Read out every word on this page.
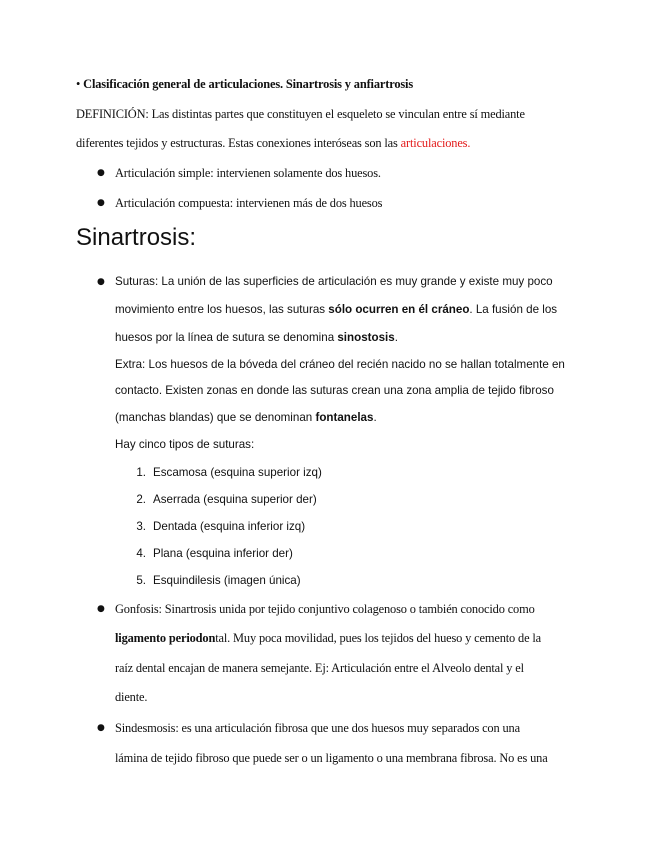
• Clasificación general de articulaciones. Sinartrosis y anfiartrosis
DEFINICIÓN: Las distintas partes que constituyen el esqueleto se vinculan entre sí mediante
diferentes tejidos y estructuras. Estas conexiones interóseas son las articulaciones.
● Articulación simple: intervienen solamente dos huesos.
● Articulación compuesta: intervienen más de dos huesos
Sinartrosis:
● Suturas: La unión de las superficies de articulación es muy grande y existe muy poco
movimiento entre los huesos, las suturas sólo ocurren en él cráneo. La fusión de los
huesos por la línea de sutura se denomina sinostosis.
Extra: Los huesos de la bóveda del cráneo del recién nacido no se hallan totalmente en
contacto. Existen zonas en donde las suturas crean una zona amplia de tejido fibroso
(manchas blandas) que se denominan fontanelas.
Hay cinco tipos de suturas:
1. Escamosa (esquina superior izq)
2. Aserrada (esquina superior der)
3. Dentada (esquina inferior izq)
4. Plana (esquina inferior der)
5. Esquindilesis (imagen única)
● Gonfosis: Sinartrosis unida por tejido conjuntivo colagenoso o también conocido como
ligamento periodontal. Muy poca movilidad, pues los tejidos del hueso y cemento de la
raíz dental encajan de manera semejante. Ej: Articulación entre el Alveolo dental y el
diente.
● Sindesmosis: es una articulación fibrosa que une dos huesos muy separados con una
lámina de tejido fibroso que puede ser o un ligamento o una membrana fibrosa. No es una
